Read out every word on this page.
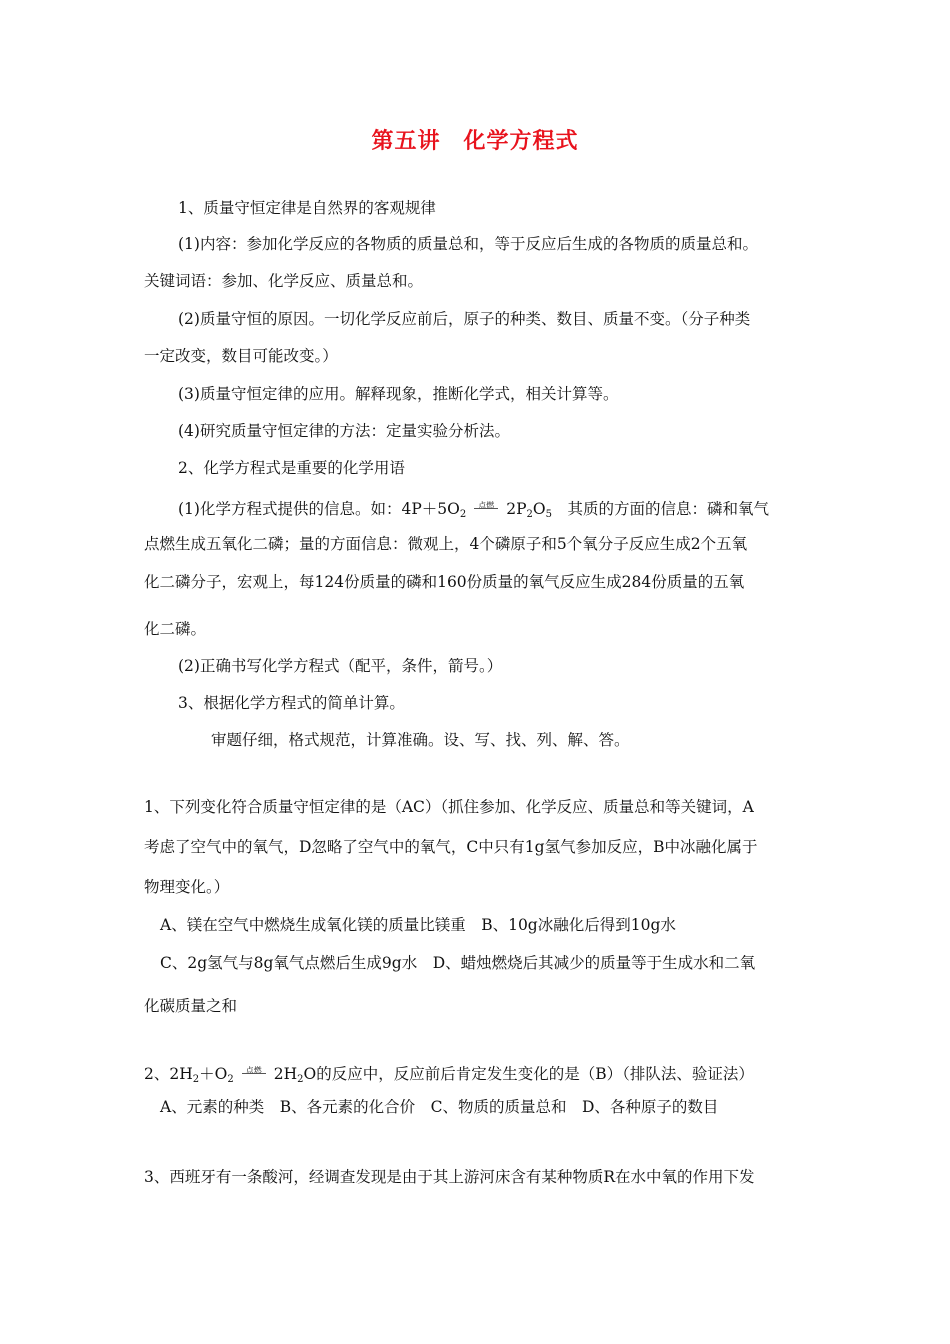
第五讲　化学方程式
1、质量守恒定律是自然界的客观规律
(1)内容：参加化学反应的各物质的质量总和，等于反应后生成的各物质的质量总和。
关键词语：参加、化学反应、质量总和。
(2)质量守恒的原因。一切化学反应前后，原子的种类、数目、质量不变。（分子种类
一定改变，数目可能改变。）
(3)质量守恒定律的应用。解释现象，推断化学式，相关计算等。
(4)研究质量守恒定律的方法：定量实验分析法。
2、化学方程式是重要的化学用语
(1)化学方程式提供的信息。如：$4P+5O_2$点燃 $2P_2O_5$　其质的方面的信息：磷和氧气
点燃生成五氧化二磷；量的方面信息：微观上，4个磷原子和5个氧分子反应生成2个五氧
化二磷分子，宏观上，每124份质量的磷和160份质量的氧气反应生成284份质量的五氧
化二磷。
(2)正确书写化学方程式（配平，条件，箭号。）
3、根据化学方程式的简单计算。
审题仔细，格式规范，计算准确。设、写、找、列、解、答。
1、下列变化符合质量守恒定律的是（AC）（抓住参加、化学反应、质量总和等关键词，A
考虑了空气中的氧气，D忽略了空气中的氧气，C中只有1g氢气参加反应，B中冰融化属于
物理变化。）
A、镁在空气中燃烧生成氧化镁的质量比镁重　B、10g冰融化后得到10g水
C、2g氢气与8g氧气点燃后生成9g水　D、蜡烛燃烧后其减少的质量等于生成水和二氧
化碳质量之和
2、$2H_2+O_2$点燃 $2H_2O$的反应中，反应前后肯定发生变化的是（B）（排队法、验证法）
A、元素的种类　B、各元素的化合价　C、物质的质量总和　D、各种原子的数目
3、西班牙有一条酸河，经调查发现是由于其上游河床含有某种物质R在水中氧的作用下发
